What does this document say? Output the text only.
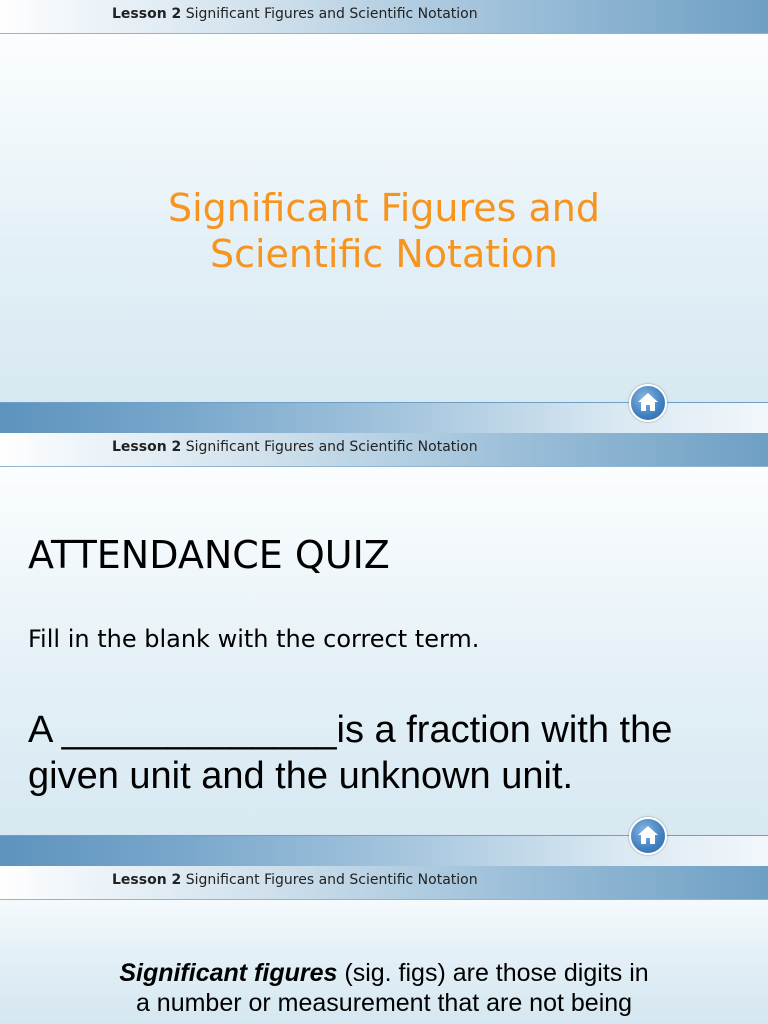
Lesson 2 Significant Figures and Scientific Notation
Significant Figures and
Scientific Notation
Lesson 2 Significant Figures and Scientific Notation
ATTENDANCE QUIZ
Fill in the blank with the correct term.
A _____________is a fraction with the
given unit and the unknown unit.
Lesson 2 Significant Figures and Scientific Notation
Significant figures (sig. figs) are those digits in
a number or measurement that are not being
